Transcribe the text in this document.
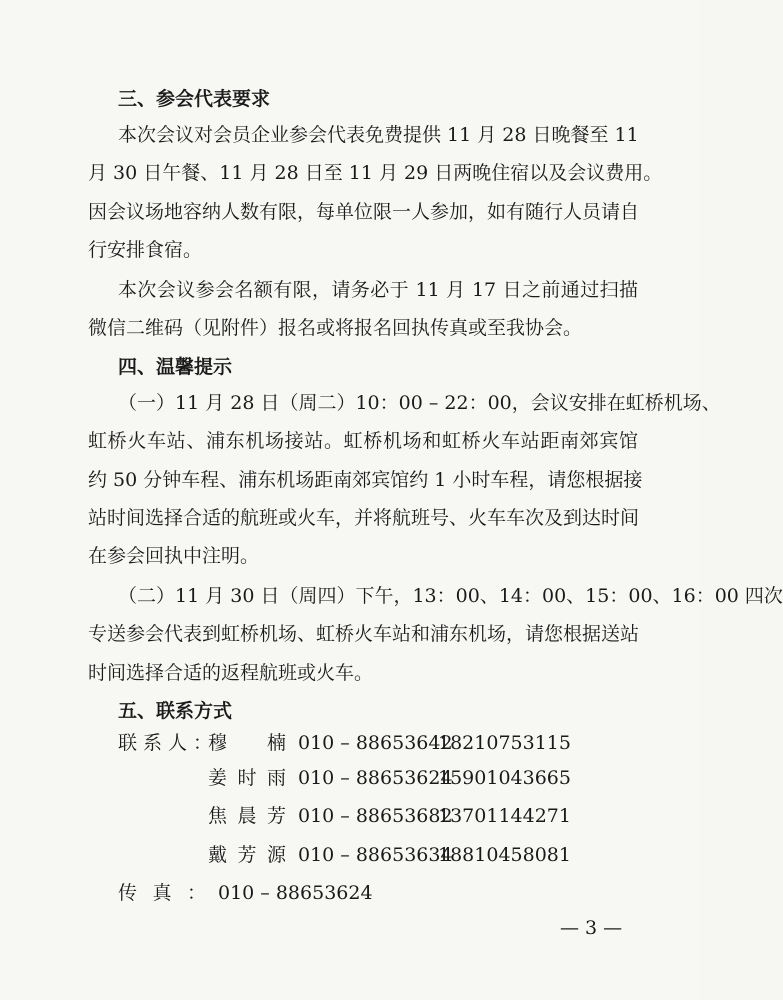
三、参会代表要求
本次会议对会员企业参会代表免费提供 11 月 28 日晚餐至 11
月 30 日午餐、11 月 28 日至 11 月 29 日两晚住宿以及会议费用。
因会议场地容纳人数有限，每单位限一人参加，如有随行人员请自
行安排食宿。
本次会议参会名额有限，请务必于 11 月 17 日之前通过扫描
微信二维码（见附件）报名或将报名回执传真或至我协会。
四、温馨提示
（一）11 月 28 日（周二）10：00 – 22：00，会议安排在虹桥机场、
虹桥火车站、浦东机场接站。虹桥机场和虹桥火车站距南郊宾馆
约 50 分钟车程、浦东机场距南郊宾馆约 1 小时车程，请您根据接
站时间选择合适的航班或火车，并将航班号、火车车次及到达时间
在参会回执中注明。
（二）11 月 30 日（周四）下午，13：00、14：00、15：00、16：00 四次
专送参会代表到虹桥机场、虹桥火车站和浦东机场，请您根据送站
时间选择合适的返程航班或火车。
五、联系方式
联系人：
穆楠 010 – 88653642
18210753115
姜时雨 010 – 88653624
15901043665
焦晨芳 010 – 88653682
13701144271
戴芳源 010 – 88653634
18810458081
传真： 010 – 88653624
— 3 —
